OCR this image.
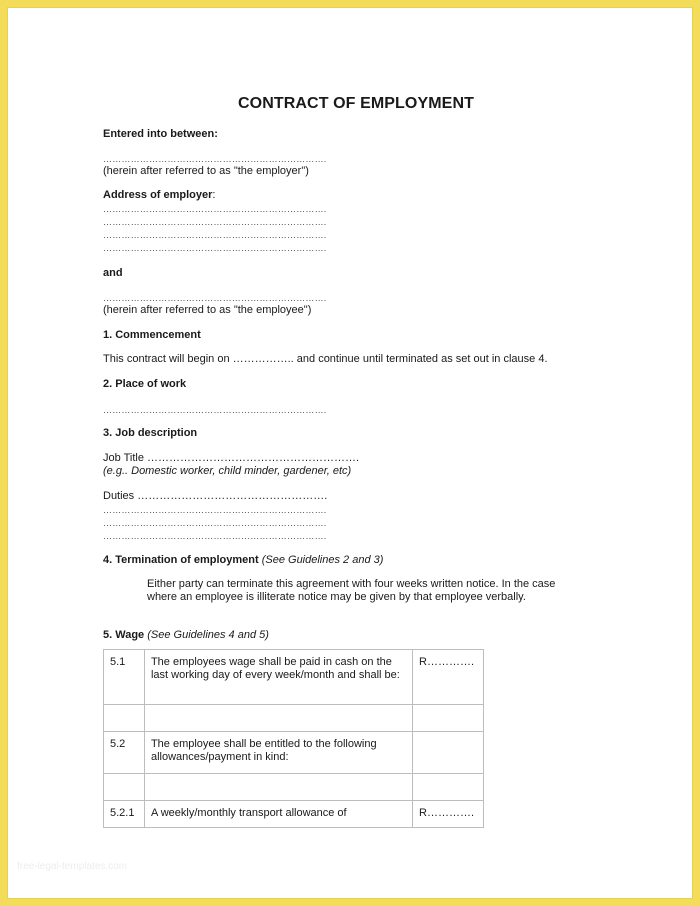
CONTRACT OF EMPLOYMENT
Entered into between:
……………………………………………………………….
(herein after referred to as "the employer")
Address of employer:
……………………………………………………………….
……………………………………………………………….
……………………………………………………………….
……………………………………………………………….
and
……………………………………………………………….
(herein after referred to as "the employee")
1. Commencement
This contract will begin on …………….. and continue until terminated as set out in clause 4.
2. Place of work
……………………………………………………………….
3. Job description
Job Title ………………………………………………….
(e.g.. Domestic worker, child minder, gardener, etc)
Duties …………………………………………….
……………………………………………………………….
……………………………………………………………….
……………………………………………………………….
4. Termination of employment (See Guidelines 2 and 3)
Either party can terminate this agreement with four weeks written notice. In the case where an employee is illiterate notice may be given by that employee verbally.
5. Wage (See Guidelines 4 and 5)
5.1	The employees wage shall be paid in cash on the last working day of every week/month and shall be:	R………….

5.2	The employee shall be entitled to the following allowances/payment in kind:	

5.2.1	A weekly/monthly transport allowance of	R………….
free-legal-templates.com
